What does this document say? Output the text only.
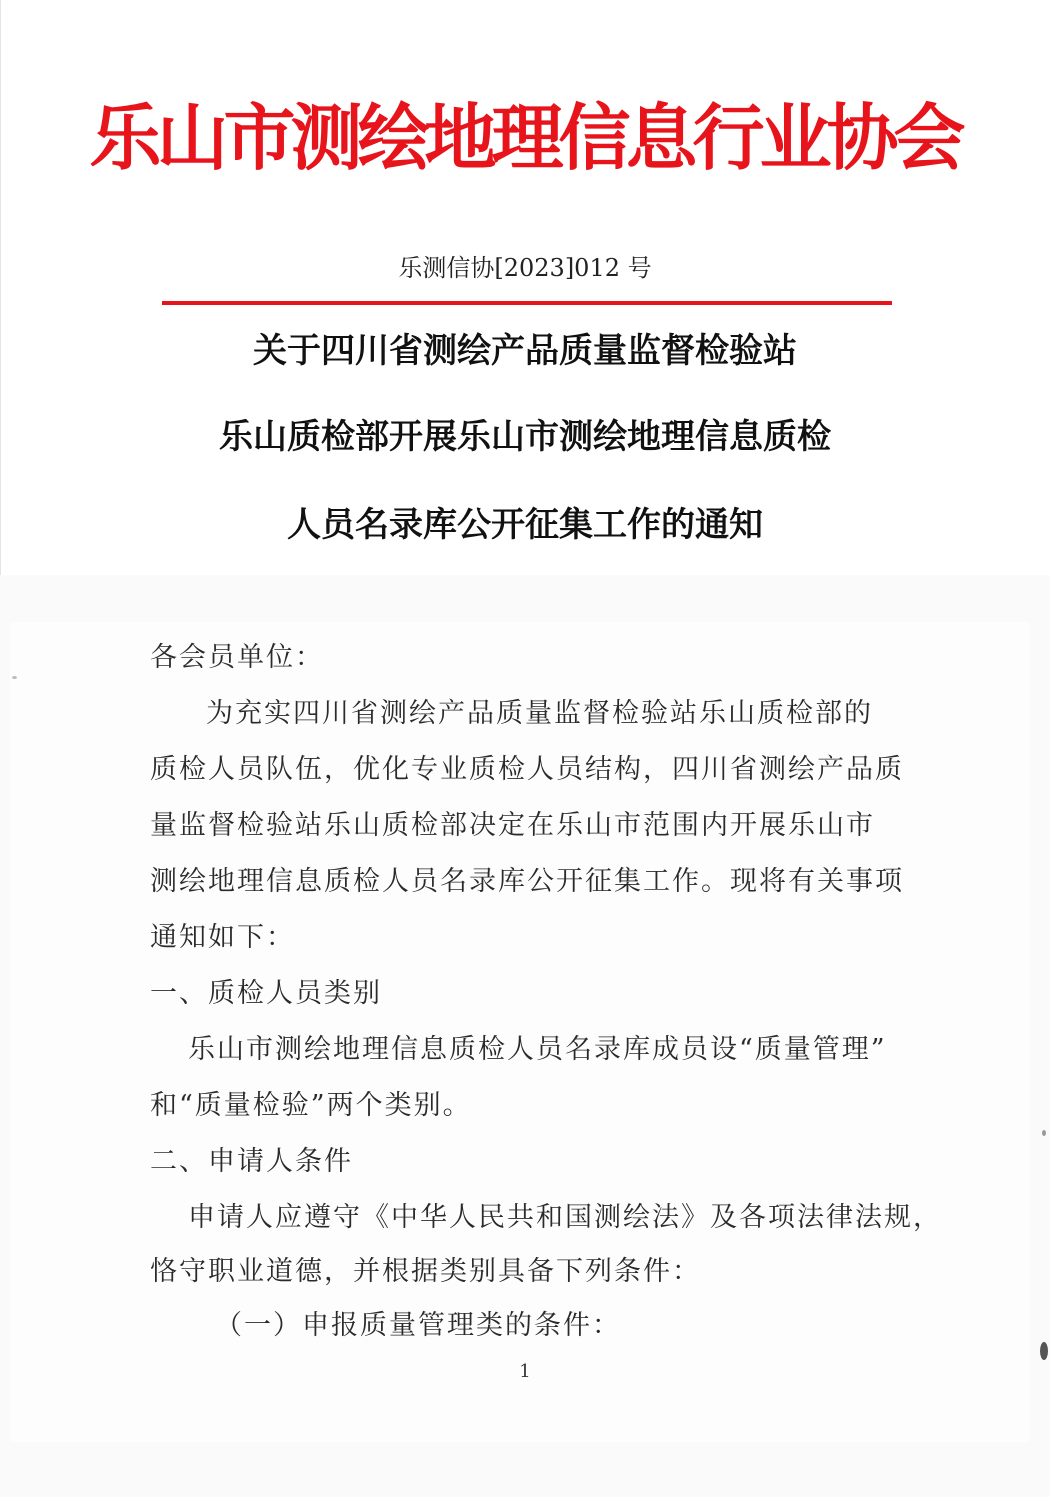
乐山市测绘地理信息行业协会
乐测信协[2023]012 号
关于四川省测绘产品质量监督检验站
乐山质检部开展乐山市测绘地理信息质检
人员名录库公开征集工作的通知
各会员单位：
为充实四川省测绘产品质量监督检验站乐山质检部的
质检人员队伍，优化专业质检人员结构，四川省测绘产品质
量监督检验站乐山质检部决定在乐山市范围内开展乐山市
测绘地理信息质检人员名录库公开征集工作。现将有关事项
通知如下：
一、质检人员类别
乐山市测绘地理信息质检人员名录库成员设“质量管理”
和“质量检验”两个类别。
二、申请人条件
申请人应遵守《中华人民共和国测绘法》及各项法律法规，
恪守职业道德，并根据类别具备下列条件：
（一）申报质量管理类的条件：
1
